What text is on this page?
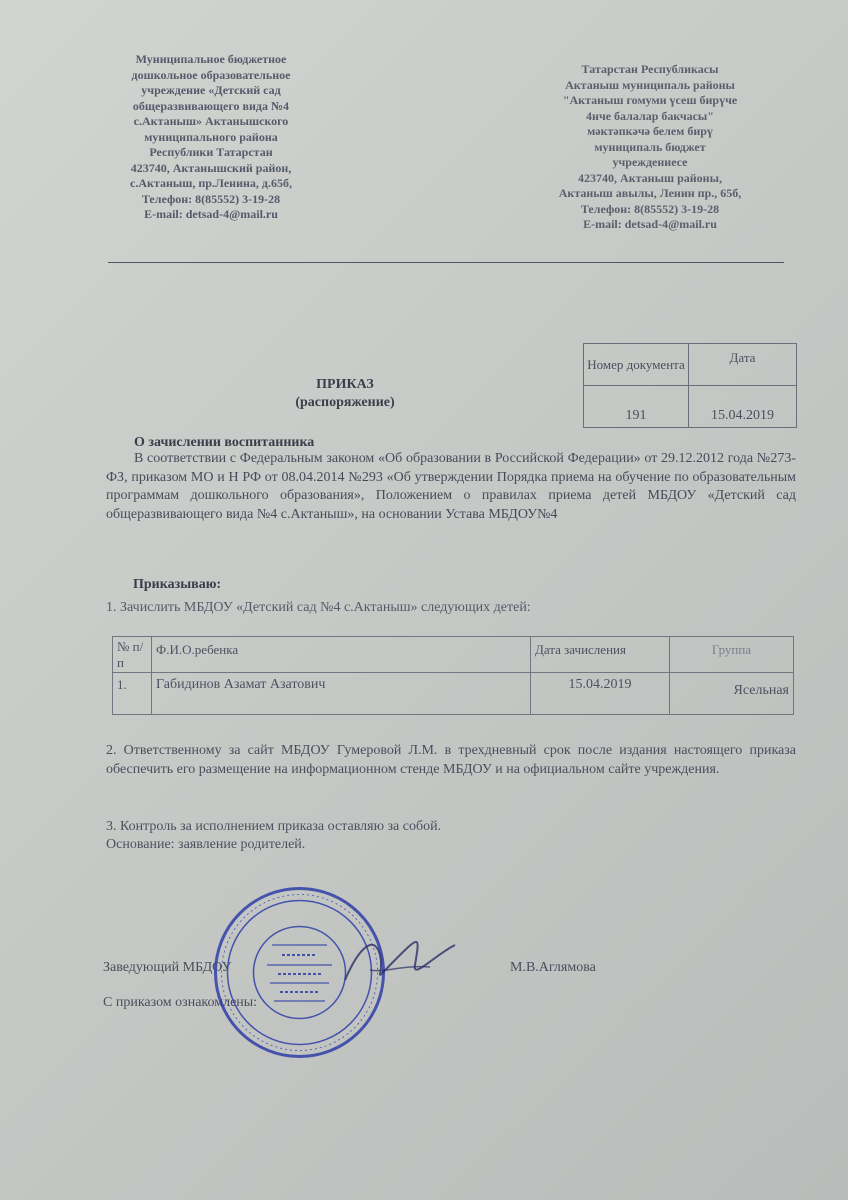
Муниципальное бюджетное
дошкольное образовательное
учреждение «Детский сад
общеразвивающего вида №4
с.Актаныш» Актанышского
муниципального района
Республики Татарстан
423740, Актанышский район,
с.Актаныш, пр.Ленина, д.65б,
Телефон: 8(85552) 3-19-28
E-mail: detsad-4@mail.ru
Татарстан Республикасы
Актаныш муниципаль районы
"Актаныш гомуми үсеш бирүче
4нче балалар бакчасы"
мәктәпкәчә белем бирү
муниципаль бюджет
учреждениесе
423740, Актаныш районы,
Актаныш авылы, Ленин пр., 65б,
Телефон: 8(85552) 3-19-28
E-mail: detsad-4@mail.ru
Номер документа	Дата
191	15.04.2019
ПРИКАЗ
(распоряжение)
О зачислении воспитанника
В соответствии с Федеральным законом «Об образовании в Российской Федерации» от 29.12.2012 года №273-ФЗ, приказом МО и Н РФ от 08.04.2014 №293 «Об утверждении Порядка приема на обучение по образовательным программам дошкольного образования», Положением о правилах приема детей МБДОУ «Детский сад общеразвивающего вида №4 с.Актаныш», на основании Устава МБДОУ№4
Приказываю:
1. Зачислить МБДОУ «Детский сад №4 с.Актаныш» следующих детей:
№ п/п	Ф.И.О.ребенка	Дата зачисления	Группа
1.	Габидинов Азамат Азатович	15.04.2019	Ясельная
2. Ответственному за сайт МБДОУ Гумеровой Л.М. в трехдневный срок после издания настоящего приказа обеспечить его размещение на информационном стенде МБДОУ и на официальном сайте учреждения.
3. Контроль за исполнением приказа оставляю за собой.
Основание: заявление родителей.
Заведующий МБДОУ	М.В.Аглямова
С приказом ознакомлены:
